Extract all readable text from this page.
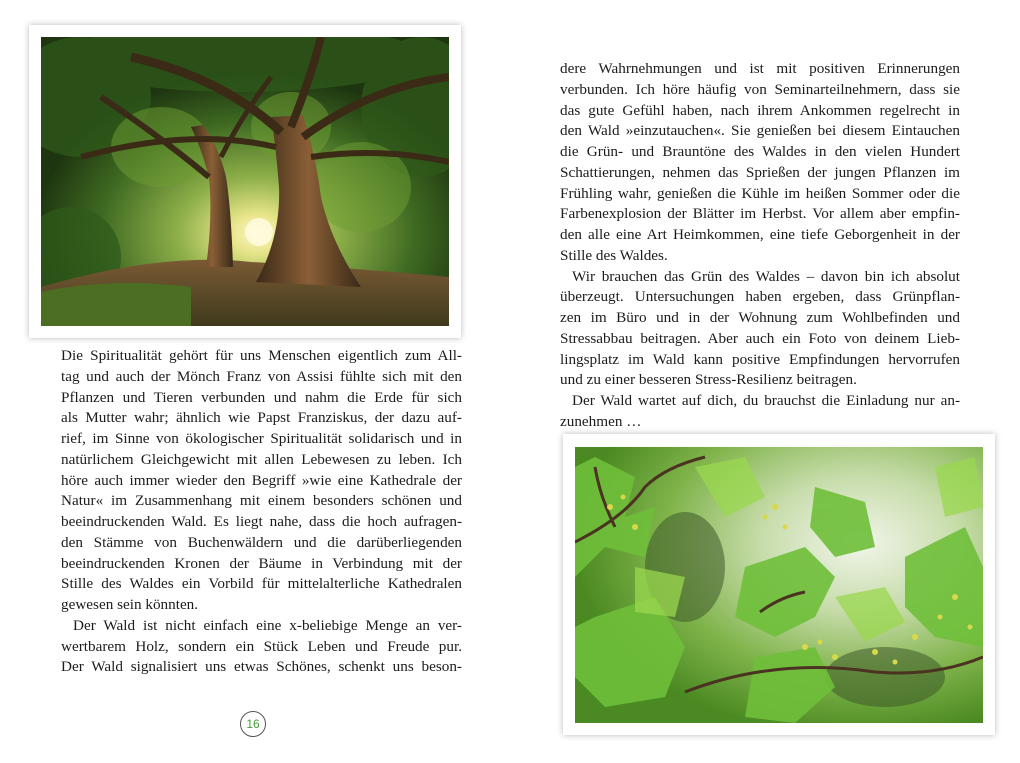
Die Spiritualität gehört für uns Menschen eigentlich zum All-
tag und auch der Mönch Franz von Assisi fühlte sich mit den
Pflanzen und Tieren verbunden und nahm die Erde für sich
als Mutter wahr; ähnlich wie Papst Franziskus, der dazu auf-
rief, im Sinne von ökologischer Spiritualität solidarisch und in
natürlichem Gleichgewicht mit allen Lebewesen zu leben. Ich
höre auch immer wieder den Begriff »wie eine Kathedrale der
Natur« im Zusammenhang mit einem besonders schönen und
beeindruckenden Wald. Es liegt nahe, dass die hoch aufragen-
den Stämme von Buchenwäldern und die darüberliegenden
beeindruckenden Kronen der Bäume in Verbindung mit der
Stille des Waldes ein Vorbild für mittelalterliche Kathedralen
gewesen sein könnten.

Der Wald ist nicht einfach eine x-beliebige Menge an ver-
wertbarem Holz, sondern ein Stück Leben und Freude pur.
Der Wald signalisiert uns etwas Schönes, schenkt uns beson-

16

dere Wahrnehmungen und ist mit positiven Erinnerungen
verbunden. Ich höre häufig von Seminarteilnehmern, dass sie
das gute Gefühl haben, nach ihrem Ankommen regelrecht in
den Wald »einzutauchen«. Sie genießen bei diesem Eintauchen
die Grün- und Brauntöne des Waldes in den vielen Hundert
Schattierungen, nehmen das Sprießen der jungen Pflanzen im
Frühling wahr, genießen die Kühle im heißen Sommer oder die
Farbenexplosion der Blätter im Herbst. Vor allem aber empfin-
den alle eine Art Heimkommen, eine tiefe Geborgenheit in der
Stille des Waldes.

Wir brauchen das Grün des Waldes – davon bin ich absolut
überzeugt. Untersuchungen haben ergeben, dass Grünpflan-
zen im Büro und in der Wohnung zum Wohlbefinden und
Stressabbau beitragen. Aber auch ein Foto von deinem Lieb-
lingsplatz im Wald kann positive Empfindungen hervorrufen
und zu einer besseren Stress-Resilienz beitragen.

Der Wald wartet auf dich, du brauchst die Einladung nur an-
zunehmen …
